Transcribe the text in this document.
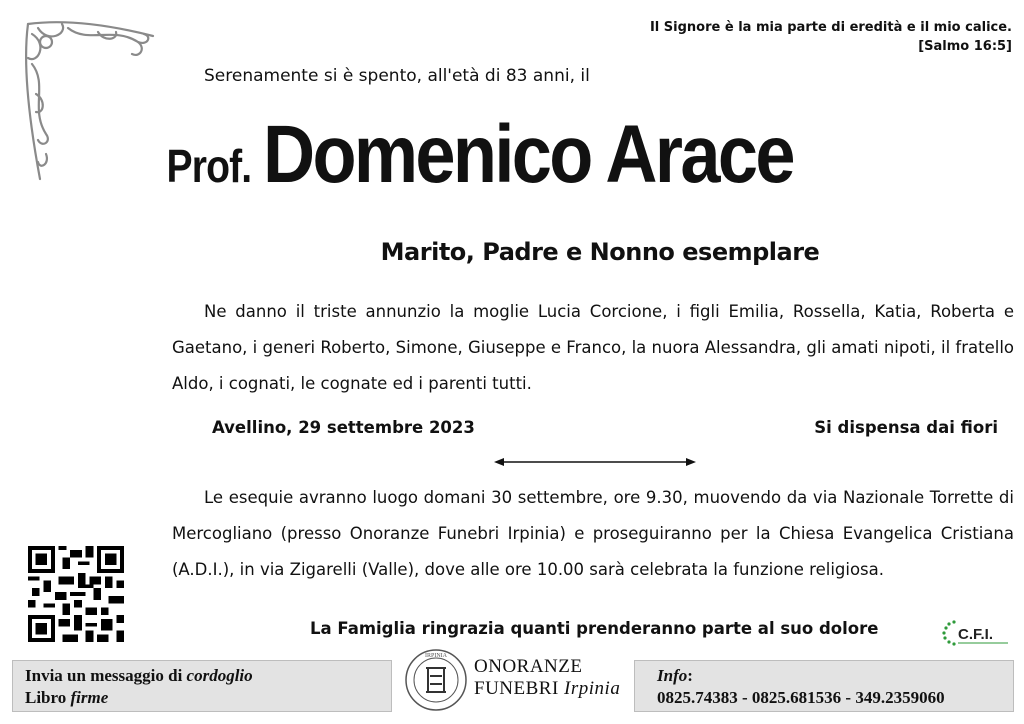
Il Signore è la mia parte di eredità e il mio calice.
[Salmo 16:5]
Serenamente si è spento, all'età di 83 anni, il
Prof. Domenico Arace
Marito, Padre e Nonno esemplare
Ne danno il triste annunzio la moglie Lucia Corcione, i figli Emilia, Rossella, Katia, Roberta e Gaetano, i generi Roberto, Simone, Giuseppe e Franco, la nuora Alessandra, gli amati nipoti, il fratello Aldo, i cognati, le cognate ed i parenti tutti.
Avellino, 29 settembre 2023	Si dispensa dai fiori
Le esequie avranno luogo domani 30 settembre, ore 9.30, muovendo da via Nazionale Torrette di Mercogliano (presso Onoranze Funebri Irpinia) e proseguiranno per la Chiesa Evangelica Cristiana (A.D.I.), in via Zigarelli (Valle), dove alle ore 10.00 sarà celebrata la funzione religiosa.
La Famiglia ringrazia quanti prenderanno parte al suo dolore	C.F.I.
Invia un messaggio di cordoglio
Libro firme
IRPINIA ONORANZE
FUNEBRI Irpinia
Info:
0825.74383 - 0825.681536 - 349.2359060
